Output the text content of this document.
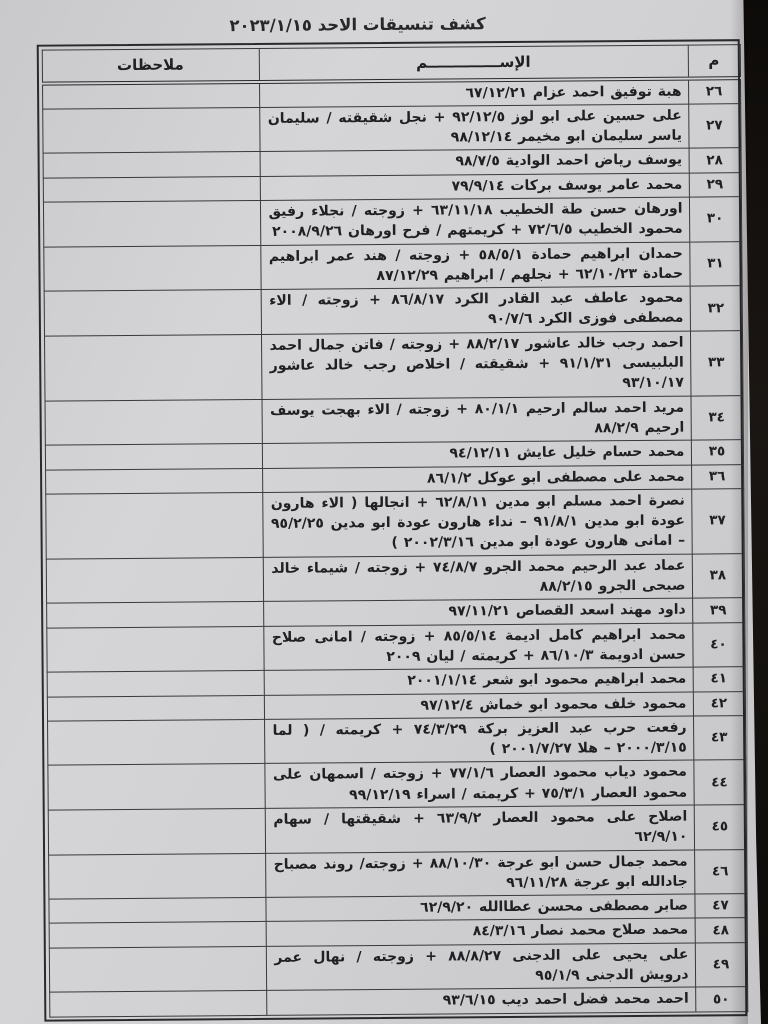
كشف تنسيقات الاحد ٢٠٢٣/١/١٥
م	الإســــــــــــــم	ملاحظات
٢٦	هبة توفيق احمد عزام ٦٧/١٢/٢١	
٢٧	على حسين على ابو لوز ٩٢/١٢/٥ + نجل شقيقته / سليمان ياسر سليمان ابو مخيمر ٩٨/١٢/١٤	
٢٨	يوسف رياض احمد الوادية ٩٨/٧/٥	
٢٩	محمد عامر يوسف بركات ٧٩/٩/١٤	
٣٠	اورهان حسن طة الخطيب ٦٣/١١/١٨ + زوجته / نجلاء رفيق محمود الخطيب ٧٢/٦/٥ + كريمتهم / فرح اورهان ٢٠٠٨/٩/٢٦	
٣١	حمدان ابراهيم حمادة ٥٨/٥/١ + زوجته / هند عمر ابراهيم حمادة ٦٢/١٠/٢٣ + نجلهم / ابراهيم ٨٧/١٢/٢٩	
٣٢	محمود عاطف عبد القادر الكرد ٨٦/٨/١٧ + زوجته / الاء مصطفى فوزى الكرد ٩٠/٧/٦	
٣٣	احمد رجب خالد عاشور ٨٨/٢/١٧ + زوجته / فاتن جمال احمد البلبيسى ٩١/١/٣١ + شقيقته / اخلاص رجب خالد عاشور ٩٣/١٠/١٧	
٣٤	مريد احمد سالم ارحيم ٨٠/١/١ + زوجته / الاء بهجت يوسف ارحيم ٨٨/٢/٩	
٣٥	محمد حسام خليل عايش ٩٤/١٢/١١	
٣٦	محمد على مصطفى ابو عوكل ٨٦/١/٢	
٣٧	نصرة احمد مسلم ابو مدين ٦٢/٨/١١ + انجالها ( الاء هارون عودة ابو مدين ٩١/٨/١ – نداء هارون عودة ابو مدين ٩٥/٢/٢٥ – امانى هارون عودة ابو مدين ٢٠٠٢/٣/١٦ )	
٣٨	عماد عبد الرحيم محمد الجرو ٧٤/٨/٧ + زوجته / شيماء خالد صبحى الجرو ٨٨/٢/١٥	
٣٩	داود مهند اسعد القصاص ٩٧/١١/٢١	
٤٠	محمد ابراهيم كامل اديمة ٨٥/٥/١٤ + زوجته / امانى صلاح حسن ادويمة ٨٦/١٠/٣ + كريمته / ليان ٢٠٠٩	
٤١	محمد ابراهيم محمود ابو شعر ٢٠٠١/١/١٤	
٤٢	محمود خلف محمود ابو خماش ٩٧/١٢/٤	
٤٣	رفعت حرب عبد العزيز بركة ٧٤/٣/٢٩ + كريمته / ( لما ٢٠٠٠/٣/١٥ – هلا ٢٠٠١/٧/٢٧ )	
٤٤	محمود دياب محمود العصار ٧٧/١/٦ + زوجته / اسمهان على محمود العصار ٧٥/٣/١ + كريمته / اسراء ٩٩/١٢/١٩	
٤٥	اصلاح على محمود العصار ٦٣/٩/٢ + شقيقتها / سهام ٦٢/٩/١٠	
٤٦	محمد جمال حسن ابو عرجة ٨٨/١٠/٣٠ + زوجته/ روند مصباح جادالله ابو عرجة ٩٦/١١/٢٨	
٤٧	صابر مصطفى محسن عطاالله ٦٢/٩/٢٠	
٤٨	محمد صلاح محمد نصار ٨٤/٣/١٦	
٤٩	على يحيى على الدجنى ٨٨/٨/٢٧ + زوجته / نهال عمر درويش الدجنى ٩٥/١/٩	
٥٠	احمد محمد فضل احمد ديب ٩٣/٦/١٥	
